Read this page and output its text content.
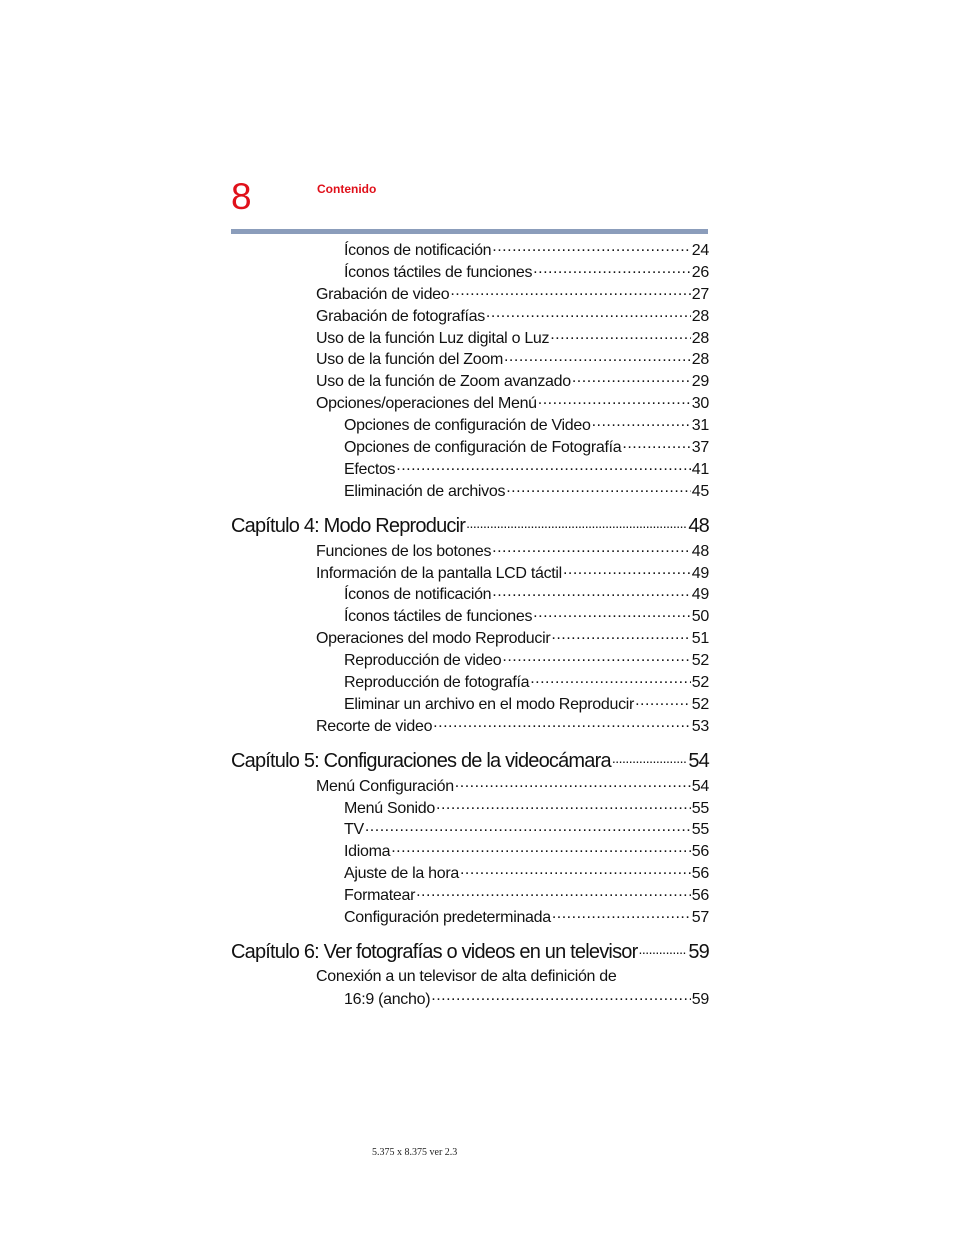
8	Contenido
Íconos de notificación .....	24
Íconos táctiles de funciones .....	26
Grabación de video .....	27
Grabación de fotografías .....	28
Uso de la función Luz digital o Luz .....	28
Uso de la función del Zoom .....	28
Uso de la función de Zoom avanzado .....	29
Opciones/operaciones del Menú .....	30
Opciones de configuración de Video .....	31
Opciones de configuración de Fotografía .....	37
Efectos .....	41
Eliminación de archivos .....	45
Capítulo 4: Modo Reproducir .....	48
Funciones de los botones .....	48
Información de la pantalla LCD táctil .....	49
Íconos de notificación .....	49
Íconos táctiles de funciones .....	50
Operaciones del modo Reproducir .....	51
Reproducción de video .....	52
Reproducción de fotografía .....	52
Eliminar un archivo en el modo Reproducir .....	52
Recorte de video .....	53
Capítulo 5: Configuraciones de la videocámara .....	54
Menú Configuración .....	54
Menú Sonido .....	55
TV .....	55
Idioma .....	56
Ajuste de la hora .....	56
Formatear .....	56
Configuración predeterminada .....	57
Capítulo 6: Ver fotografías o videos en un televisor .....	59
Conexión a un televisor de alta definición de
16:9 (ancho) .....	59
5.375 x 8.375 ver 2.3
